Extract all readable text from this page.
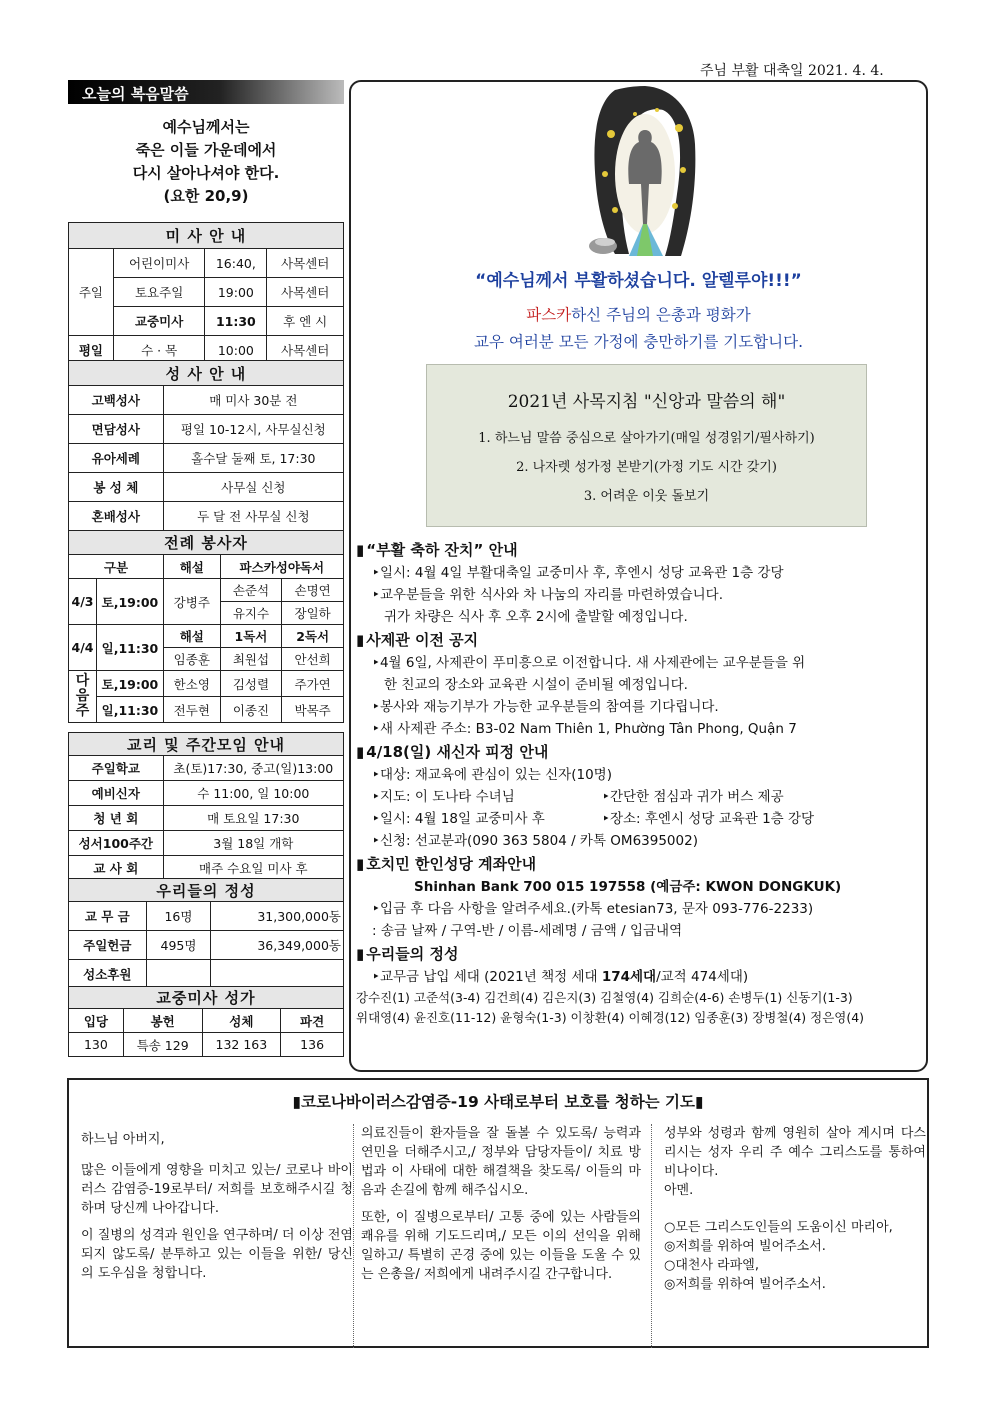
주님 부활 대축일 2021. 4. 4.
오늘의 복음말씀
예수님께서는
죽은 이들 가운데에서
다시 살아나셔야 한다.
(요한 20,9)
미 사 안 내			
주일	어린이미사	16:40,	사목센터
	토요주일	19:00	사목센터
	교중미사	11:30	후 엔 시
평일	수 · 목	10:00	사목센터
성 사 안 내	
고백성사	매 미사 30분 전
면담성사	평일 10-12시, 사무실신청
유아세례	홀수달 둘째 토, 17:30
봉 성 체	사무실 신청
혼배성사	두 달 전 사무실 신청
전례 봉사자				
구분		해설	파스카성야독서	
4/3	토,19:00	강병주	손준석	손명연
			유지수	장일하
4/4	일,11:30	해설	1독서	2독서
		임종훈	최원섭	안선희
다음주	토,19:00	한소영	김성렬	주가연
	일,11:30	전두현	이종진	박목주
교리 및 주간모임 안내	
주일학교	초(토)17:30, 중고(일)13:00
예비신자	수 11:00, 일 10:00
청 년 회	매 토요일 17:30
성서100주간	3월 18일 개학
교 사 회	매주 수요일 미사 후
우리들의 정성		
교 무 금	16명	31,300,000동
주일헌금	495명	36,349,000동
성소후원		
교중미사 성가			
입당	봉헌	성체	파견
130	특송 129	132 163	136
“예수님께서 부활하셨습니다. 알렐루야!!!”
파스카하신 주님의 은총과 평화가
교우 여러분 모든 가정에 충만하기를 기도합니다.
2021년 사목지침 "신앙과 말씀의 해"
1. 하느님 말씀 중심으로 살아가기(매일 성경읽기/필사하기)
2. 나자렛 성가정 본받기(가정 기도 시간 갖기)
3. 어려운 이웃 돌보기
▮ “부활 축하 잔치” 안내
‣일시: 4월 4일 부활대축일 교중미사 후, 후엔시 성당 교육관 1층 강당
‣교우분들을 위한 식사와 차 나눔의 자리를 마련하였습니다.
귀가 차량은 식사 후 오후 2시에 출발할 예정입니다.
▮ 사제관 이전 공지
‣4월 6일, 사제관이 푸미흥으로 이전합니다. 새 사제관에는 교우분들을 위
한 친교의 장소와 교육관 시설이 준비될 예정입니다.
‣봉사와 재능기부가 가능한 교우분들의 참여를 기다립니다.
‣새 사제관 주소: B3-02 Nam Thiên 1, Phường Tân Phong, Quận 7
▮ 4/18(일) 새신자 피정 안내
‣대상: 재교육에 관심이 있는 신자(10명)
‣지도: 이 도나타 수녀님	‣간단한 점심과 귀가 버스 제공
‣일시: 4월 18일 교중미사 후	‣장소: 후엔시 성당 교육관 1층 강당
‣신청: 선교분과(090 363 5804 / 카톡 OM6395002)
▮ 호치민 한인성당 계좌안내
Shinhan Bank 700 015 197558 (예금주: KWON DONGKUK)
‣입금 후 다음 사항을 알려주세요.(카톡 etesian73, 문자 093-776-2233)
: 송금 날짜 / 구역-반 / 이름-세례명 / 금액 / 입금내역
▮ 우리들의 정성
‣교무금 납입 세대 (2021년 책정 세대 174세대/교적 474세대)
강수진(1) 고준석(3-4) 김건희(4) 김은지(3) 김철영(4) 김희순(4-6) 손병두(1) 신동기(1-3)
위대영(4) 윤진호(11-12) 윤형숙(1-3) 이창환(4) 이혜경(12) 임종훈(3) 장병철(4) 정은영(4)
▮코로나바이러스감염증-19 사태로부터 보호를 청하는 기도▮

하느님 아버지,

많은 이들에게 영향을 미치고 있는/ 코로나 바이러스 감염증-19로부터/ 저희를 보호해주시길 청하며 당신께 나아갑니다.

이 질병의 성격과 원인을 연구하며/ 더 이상 전염되지 않도록/ 분투하고 있는 이들을 위한/ 당신의 도우심을 청합니다.

의료진들이 환자들을 잘 돌볼 수 있도록/ 능력과 연민을 더해주시고,/ 정부와 담당자들이/ 치료 방법과 이 사태에 대한 해결책을 찾도록/ 이들의 마음과 손길에 함께 해주십시오.

또한, 이 질병으로부터/ 고통 중에 있는 사람들의 쾌유를 위해 기도드리며,/ 모든 이의 선익을 위해 일하고/ 특별히 곤경 중에 있는 이들을 도울 수 있는 은총을/ 저희에게 내려주시길 간구합니다.

성부와 성령과 함께 영원히 살아 계시며 다스리시는 성자 우리 주 예수 그리스도를 통하여 비나이다.

아멘.

○모든 그리스도인들의 도움이신 마리아,
◎저희를 위하여 빌어주소서.
○대천사 라파엘,
◎저희를 위하여 빌어주소서.
